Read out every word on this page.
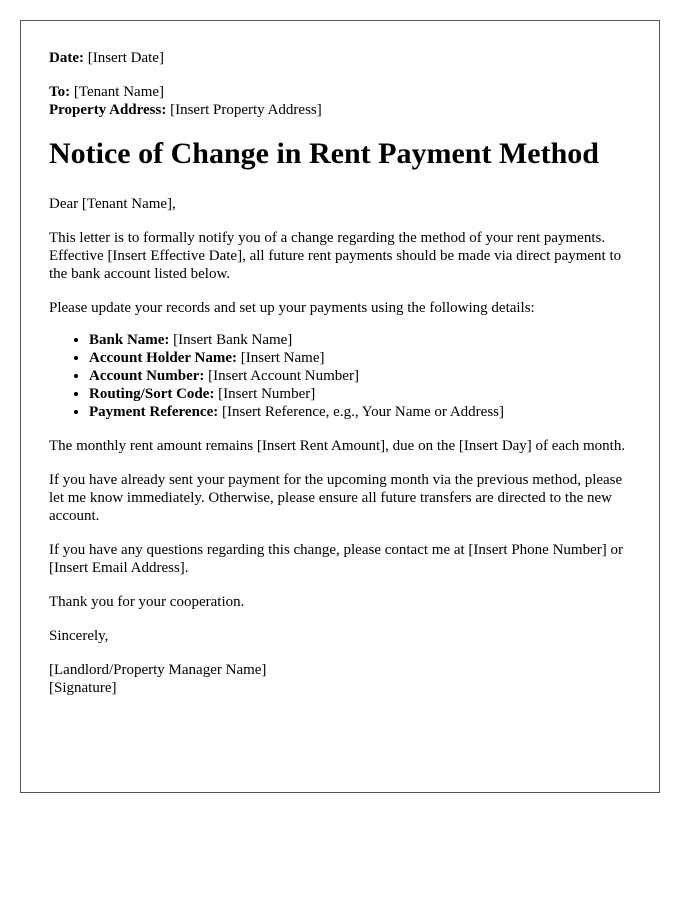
Date: [Insert Date]

To: [Tenant Name]

Property Address: [Insert Property Address]

Notice of Change in Rent Payment Method

Dear [Tenant Name],

This letter is to formally notify you of a change regarding the method of your rent payments. Effective [Insert Effective Date], all future rent payments should be made via direct payment to the bank account listed below.

Please update your records and set up your payments using the following details:

• Bank Name: [Insert Bank Name]
• Account Holder Name: [Insert Name]
• Account Number: [Insert Account Number]
• Routing/Sort Code: [Insert Number]
• Payment Reference: [Insert Reference, e.g., Your Name or Address]

The monthly rent amount remains [Insert Rent Amount], due on the [Insert Day] of each month.

If you have already sent your payment for the upcoming month via the previous method, please let me know immediately. Otherwise, please ensure all future transfers are directed to the new account.

If you have any questions regarding this change, please contact me at [Insert Phone Number] or [Insert Email Address].

Thank you for your cooperation.

Sincerely,

[Landlord/Property Manager Name]

[Signature]
